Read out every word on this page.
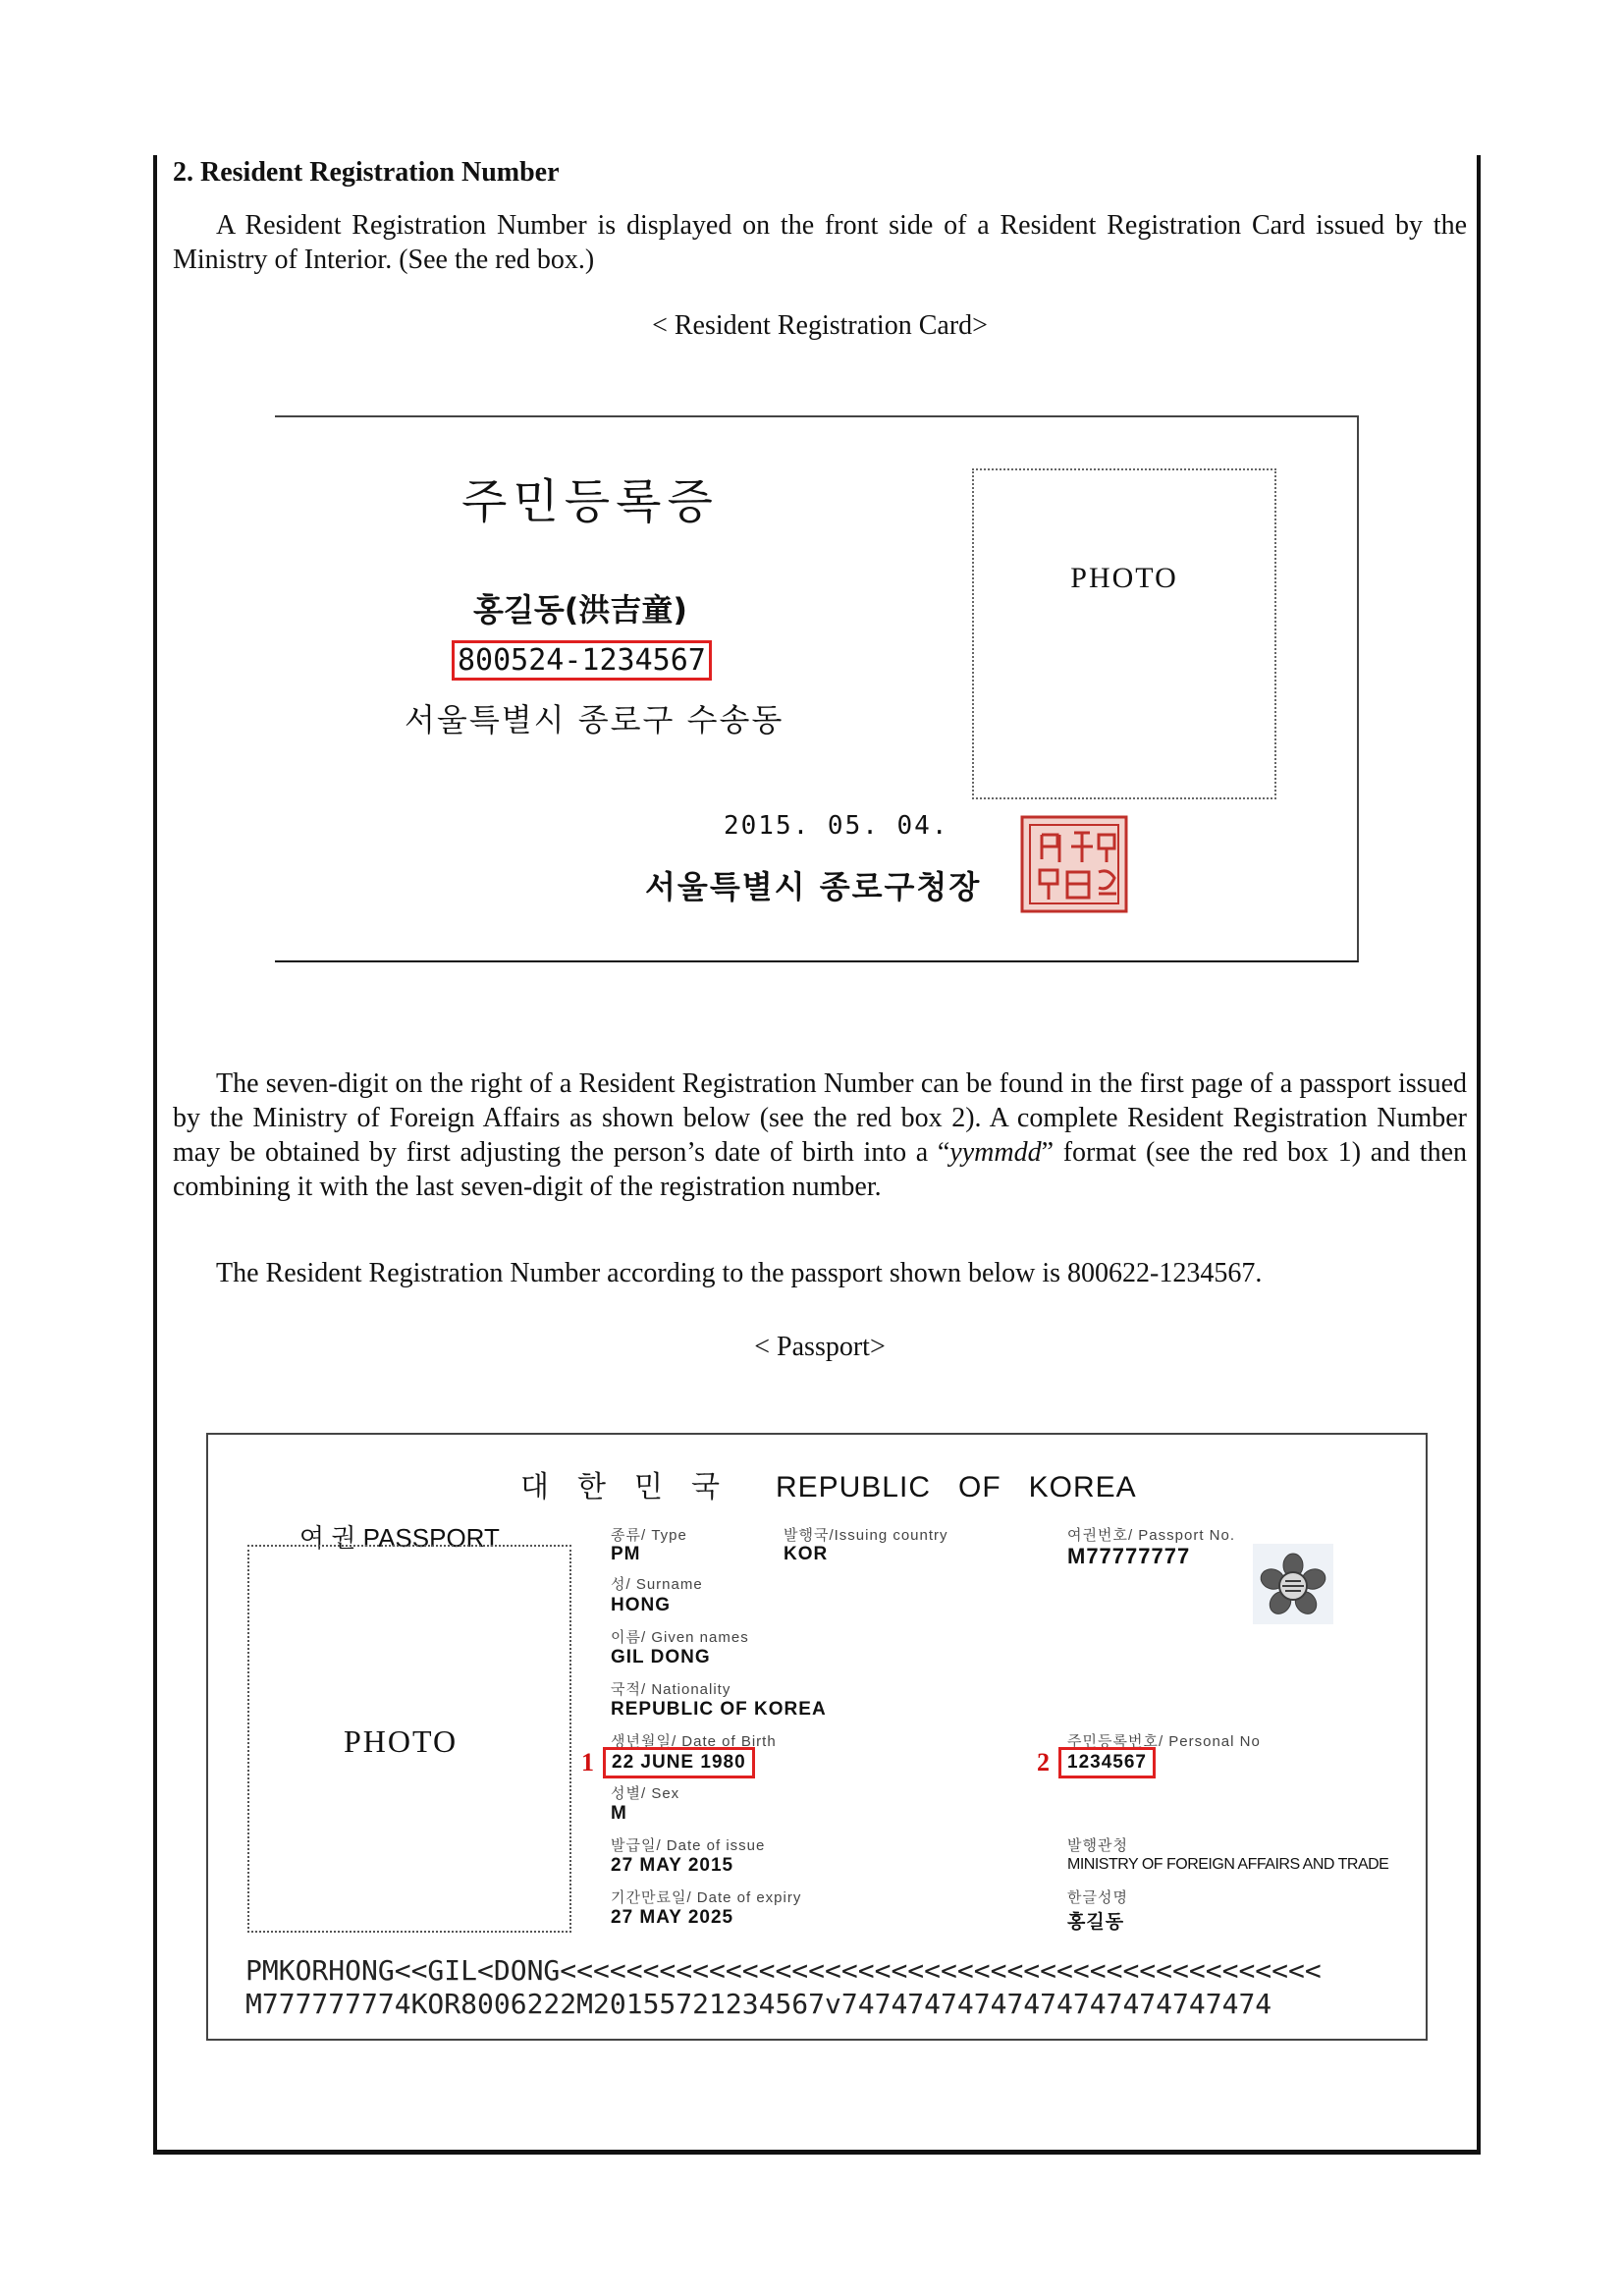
2. Resident Registration Number

A Resident Registration Number is displayed on the front side of a Resident Registration Card issued by the Ministry of Interior. (See the red box.)

< Resident Registration Card>
주민등록증
홍길동(洪吉童)
800524-1234567
서울특별시 종로구 수송동
PHOTO
2015. 05. 04.
서울특별시 종로구청장

The seven-digit on the right of a Resident Registration Number can be found in the first page of a passport issued by the Ministry of Foreign Affairs as shown below (see the red box 2). A complete Resident Registration Number may be obtained by first adjusting the person’s date of birth into a “yymmdd” format (see the red box 1) and then combining it with the last seven-digit of the registration number.

The Resident Registration Number according to the passport shown below is 800622-1234567.

< Passport>
대 한 민 국 REPUBLIC OF KOREA
여 권 PASSPORT
PHOTO
종류/ Type
PM
성/ Surname
HONG
이름/ Given names
GIL DONG
국적/ Nationality
REPUBLIC OF KOREA
생년월일/ Date of Birth
1 22 JUNE 1980
성별/ Sex
M
발급일/ Date of issue
27 MAY 2015
기간만료일/ Date of expiry
27 MAY 2025
발행국/Issuing country
KOR
여권번호/ Passport No.
M77777777
주민등록번호/ Personal No
2 1234567
발행관청
MINISTRY OF FOREIGN AFFAIRS AND TRADE
한글성명
홍길동
PMKORHONG<<GIL<DONG<<<<<<<<<<<<<<<<<<<<<<<<<<<<<<<<<<<<<<<<<<<<<<
M777777774KOR8006222M20155721234567v74747474747474747474747474
